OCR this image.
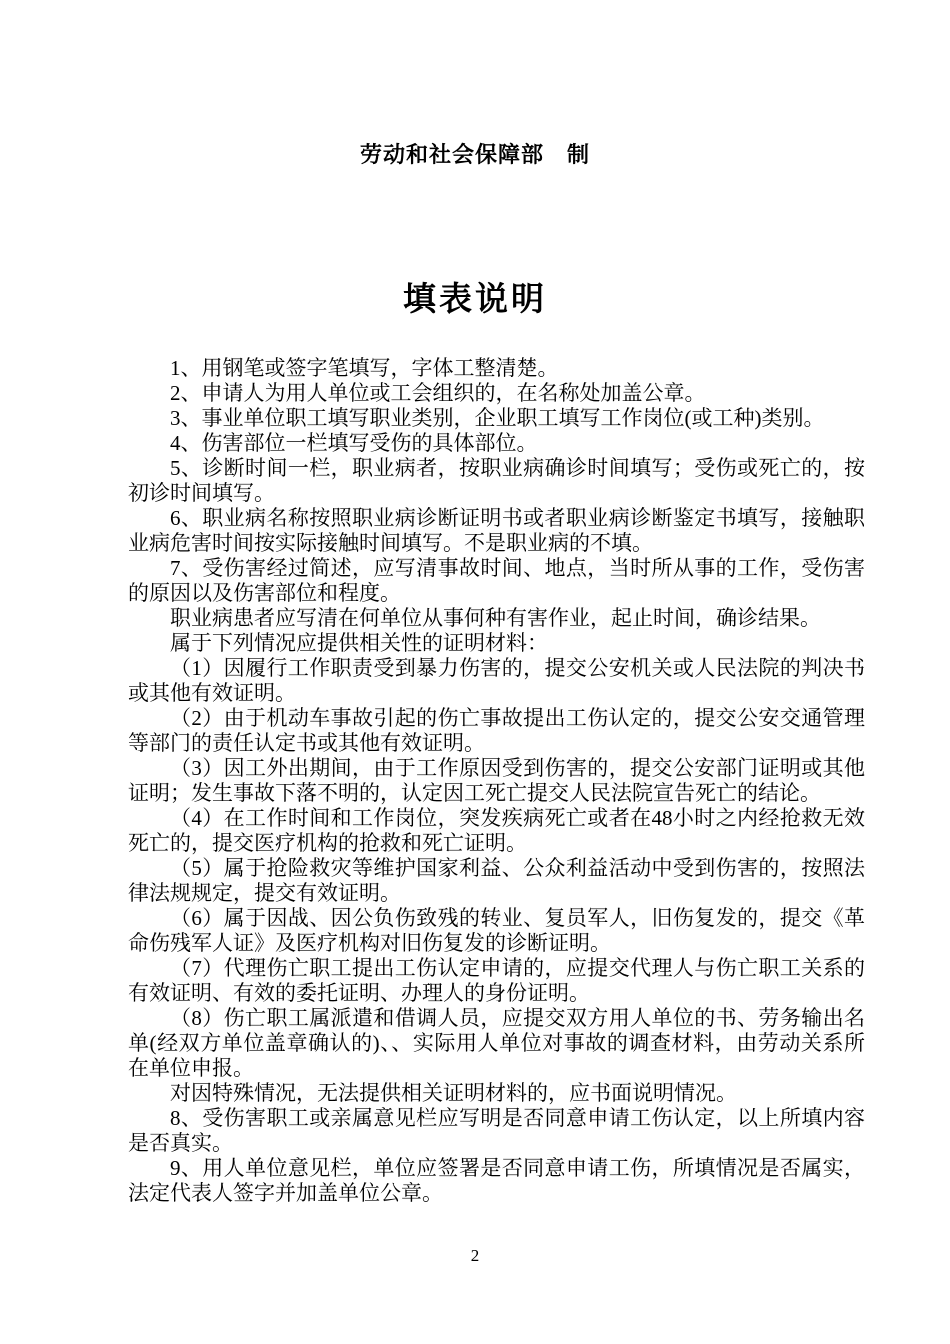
劳动和社会保障部　制
填表说明

1、用钢笔或签字笔填写，字体工整清楚。

2、申请人为用人单位或工会组织的，在名称处加盖公章。

3、事业单位职工填写职业类别，企业职工填写工作岗位(或工种)类别。

4、伤害部位一栏填写受伤的具体部位。

5、诊断时间一栏，职业病者，按职业病确诊时间填写；受伤或死亡的，按初诊时间填写。

6、职业病名称按照职业病诊断证明书或者职业病诊断鉴定书填写，接触职业病危害时间按实际接触时间填写。不是职业病的不填。

7、受伤害经过简述，应写清事故时间、地点，当时所从事的工作，受伤害的原因以及伤害部位和程度。

职业病患者应写清在何单位从事何种有害作业，起止时间，确诊结果。

属于下列情况应提供相关性的证明材料：

（1）因履行工作职责受到暴力伤害的，提交公安机关或人民法院的判决书或其他有效证明。

（2）由于机动车事故引起的伤亡事故提出工伤认定的，提交公安交通管理等部门的责任认定书或其他有效证明。

（3）因工外出期间，由于工作原因受到伤害的，提交公安部门证明或其他证明；发生事故下落不明的，认定因工死亡提交人民法院宣告死亡的结论。

（4）在工作时间和工作岗位，突发疾病死亡或者在48小时之内经抢救无效死亡的，提交医疗机构的抢救和死亡证明。

（5）属于抢险救灾等维护国家利益、公众利益活动中受到伤害的，按照法律法规规定，提交有效证明。

（6）属于因战、因公负伤致残的转业、复员军人，旧伤复发的，提交《革命伤残军人证》及医疗机构对旧伤复发的诊断证明。

（7）代理伤亡职工提出工伤认定申请的，应提交代理人与伤亡职工关系的有效证明、有效的委托证明、办理人的身份证明。

（8）伤亡职工属派遣和借调人员，应提交双方用人单位的书、劳务输出名单(经双方单位盖章确认的)、、实际用人单位对事故的调查材料，由劳动关系所在单位申报。

对因特殊情况，无法提供相关证明材料的，应书面说明情况。

8、受伤害职工或亲属意见栏应写明是否同意申请工伤认定，以上所填内容是否真实。

9、用人单位意见栏，单位应签署是否同意申请工伤，所填情况是否属实，法定代表人签字并加盖单位公章。

2
